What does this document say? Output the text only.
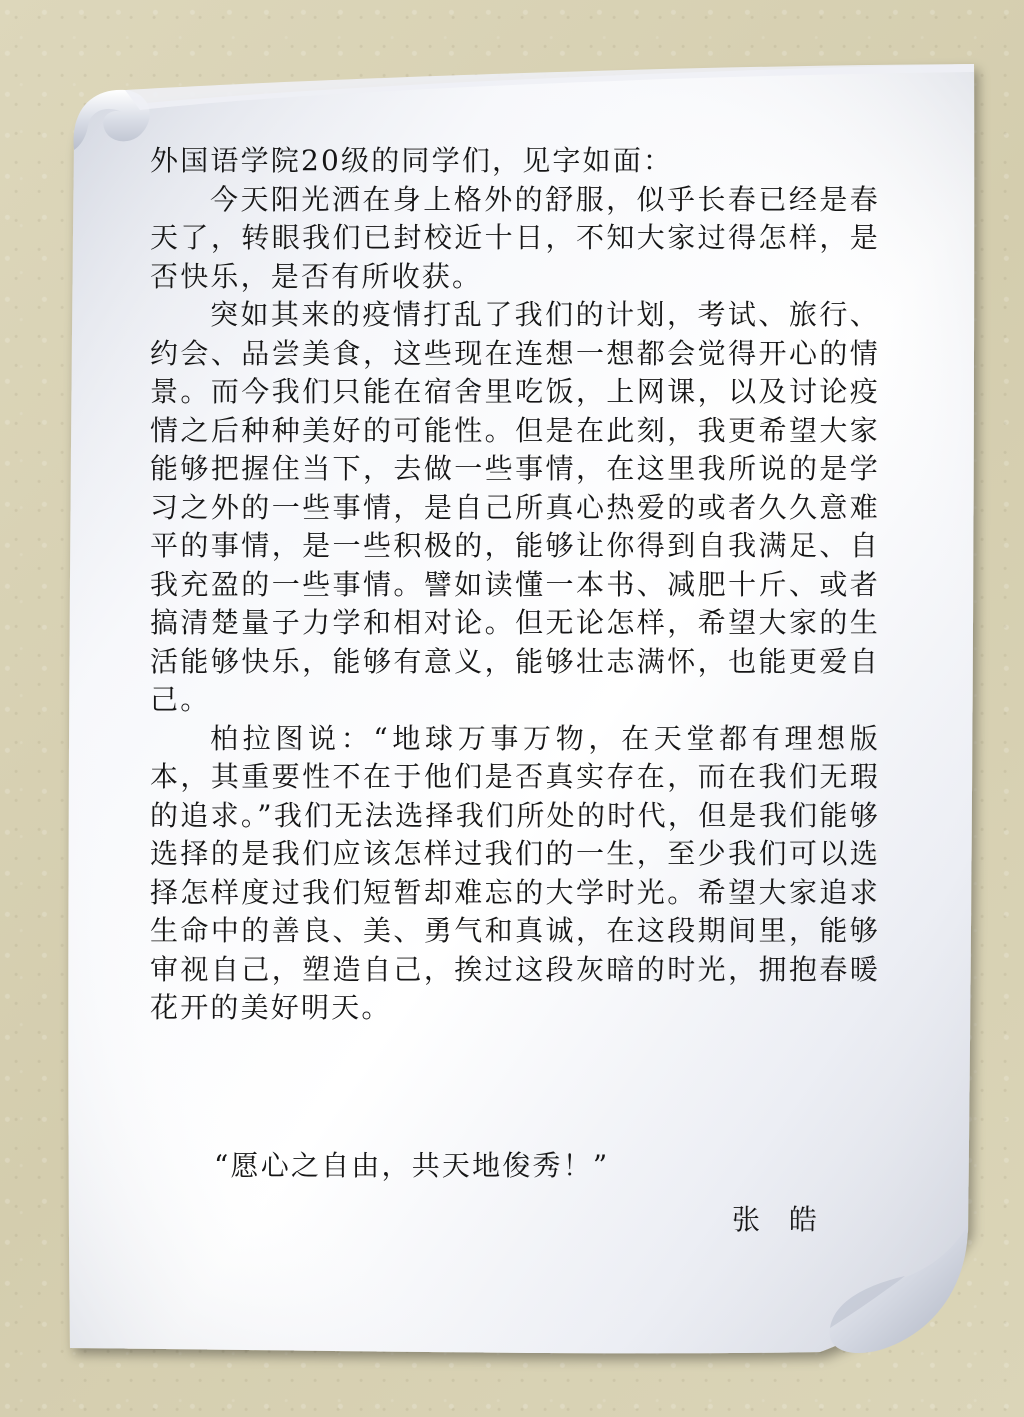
外国语学院20级的同学们，见字如面：

今天阳光洒在身上格外的舒服，似乎长春已经是春天了，转眼我们已封校近十日，不知大家过得怎样，是否快乐，是否有所收获。

突如其来的疫情打乱了我们的计划，考试、旅行、约会、品尝美食，这些现在连想一想都会觉得开心的情景。而今我们只能在宿舍里吃饭，上网课，以及讨论疫情之后种种美好的可能性。但是在此刻，我更希望大家能够把握住当下，去做一些事情，在这里我所说的是学习之外的一些事情，是自己所真心热爱的或者久久意难平的事情，是一些积极的，能够让你得到自我满足、自我充盈的一些事情。譬如读懂一本书、减肥十斤、或者搞清楚量子力学和相对论。但无论怎样，希望大家的生活能够快乐，能够有意义，能够壮志满怀，也能更爱自己。

柏拉图说：“地球万事万物，在天堂都有理想版本，其重要性不在于他们是否真实存在，而在我们无瑕的追求。”我们无法选择我们所处的时代，但是我们能够选择的是我们应该怎样过我们的一生，至少我们可以选择怎样度过我们短暂却难忘的大学时光。希望大家追求生命中的善良、美、勇气和真诚，在这段期间里，能够审视自己，塑造自己，挨过这段灰暗的时光，拥抱春暖花开的美好明天。

“愿心之自由，共天地俊秀！”
张 皓
